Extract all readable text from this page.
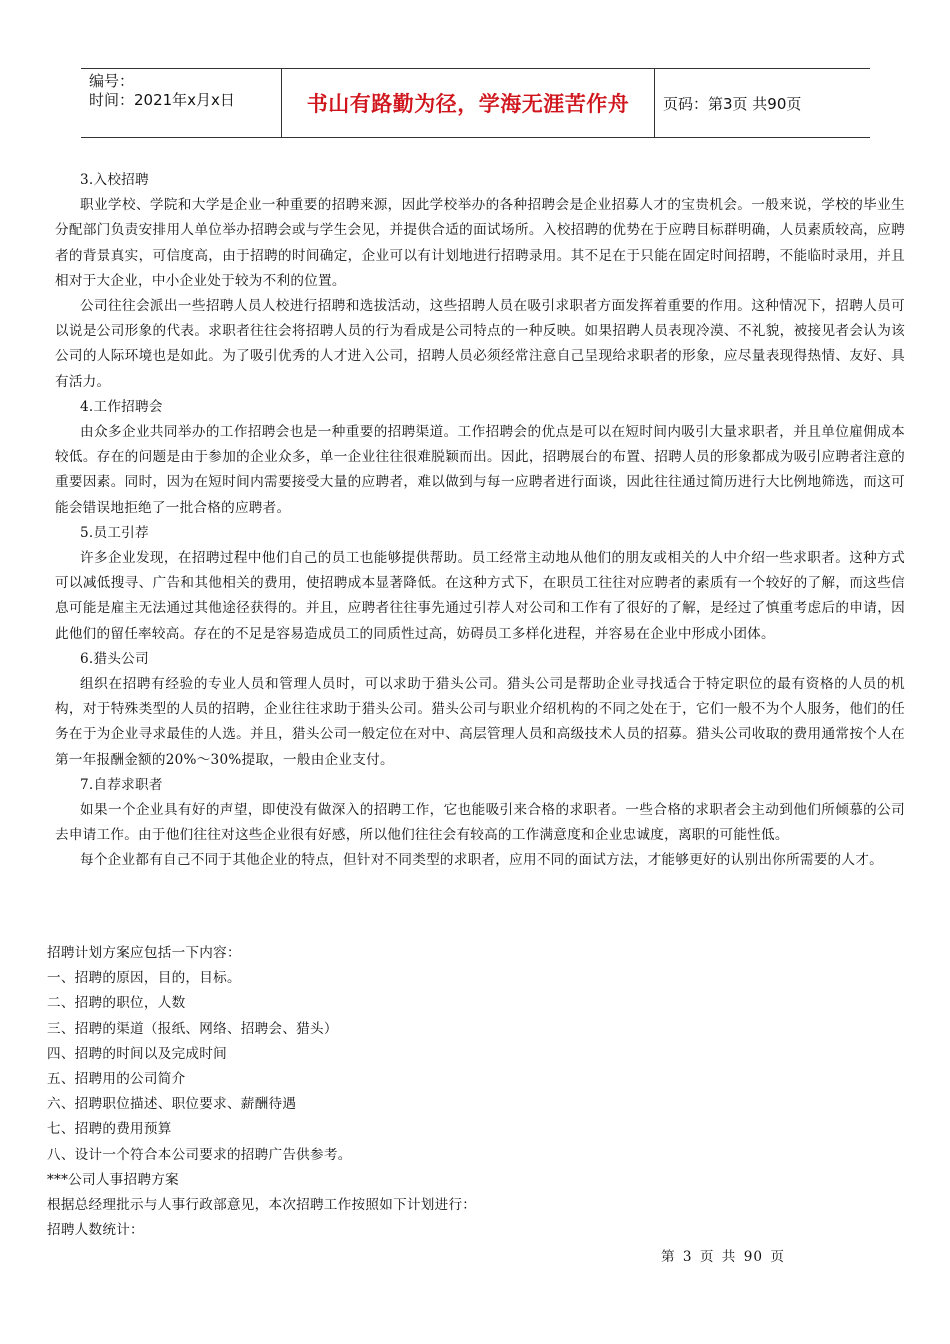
编号：
时间：2021年x月x日	书山有路勤为径，学海无涯苦作舟 页码：第3页 共90页

3.入校招聘

职业学校、学院和大学是企业一种重要的招聘来源，因此学校举办的各种招聘会是企业招募人才的宝贵机会。一般来说，学校的毕业生分配部门负责安排用人单位举办招聘会或与学生会见，并提供合适的面试场所。入校招聘的优势在于应聘目标群明确，人员素质较高，应聘者的背景真实，可信度高，由于招聘的时间确定，企业可以有计划地进行招聘录用。其不足在于只能在固定时间招聘，不能临时录用，并且相对于大企业，中小企业处于较为不利的位置。

公司往往会派出一些招聘人员人校进行招聘和选拔活动，这些招聘人员在吸引求职者方面发挥着重要的作用。这种情况下，招聘人员可以说是公司形象的代表。求职者往往会将招聘人员的行为看成是公司特点的一种反映。如果招聘人员表现冷漠、不礼貌，被接见者会认为该公司的人际环境也是如此。为了吸引优秀的人才进入公司，招聘人员必须经常注意自己呈现给求职者的形象，应尽量表现得热情、友好、具有活力。

4.工作招聘会

由众多企业共同举办的工作招聘会也是一种重要的招聘渠道。工作招聘会的优点是可以在短时间内吸引大量求职者，并且单位雇佣成本较低。存在的问题是由于参加的企业众多，单一企业往往很难脱颖而出。因此，招聘展台的布置、招聘人员的形象都成为吸引应聘者注意的重要因素。同时，因为在短时间内需要接受大量的应聘者，难以做到与每一应聘者进行面谈，因此往往通过简历进行大比例地筛选，而这可能会错误地拒绝了一批合格的应聘者。

5.员工引荐

许多企业发现，在招聘过程中他们自己的员工也能够提供帮助。员工经常主动地从他们的朋友或相关的人中介绍一些求职者。这种方式可以减低搜寻、广告和其他相关的费用，使招聘成本显著降低。在这种方式下，在职员工往往对应聘者的素质有一个较好的了解，而这些信息可能是雇主无法通过其他途径获得的。并且，应聘者往往事先通过引荐人对公司和工作有了很好的了解，是经过了慎重考虑后的申请，因此他们的留任率较高。存在的不足是容易造成员工的同质性过高，妨碍员工多样化进程，并容易在企业中形成小团体。

6.猎头公司

组织在招聘有经验的专业人员和管理人员时，可以求助于猎头公司。猎头公司是帮助企业寻找适合于特定职位的最有资格的人员的机构，对于特殊类型的人员的招聘，企业往往求助于猎头公司。猎头公司与职业介绍机构的不同之处在于，它们一般不为个人服务，他们的任务在于为企业寻求最佳的人选。并且，猎头公司一般定位在对中、高层管理人员和高级技术人员的招募。猎头公司收取的费用通常按个人在第一年报酬金额的20%～30%提取，一般由企业支付。

7.自荐求职者

如果一个企业具有好的声望，即使没有做深入的招聘工作，它也能吸引来合格的求职者。一些合格的求职者会主动到他们所倾慕的公司去申请工作。由于他们往往对这些企业很有好感，所以他们往往会有较高的工作满意度和企业忠诚度，离职的可能性低。

每个企业都有自己不同于其他企业的特点，但针对不同类型的求职者，应用不同的面试方法，才能够更好的认别出你所需要的人才。

招聘计划方案应包括一下内容：

一、招聘的原因，目的，目标。

二、招聘的职位，人数

三、招聘的渠道（报纸、网络、招聘会、猎头）

四、招聘的时间以及完成时间

五、招聘用的公司简介

六、招聘职位描述、职位要求、薪酬待遇

七、招聘的费用预算

八、设计一个符合本公司要求的招聘广告供参考。

***公司人事招聘方案

根据总经理批示与人事行政部意见，本次招聘工作按照如下计划进行：

招聘人数统计：

第 3 页 共 90 页
